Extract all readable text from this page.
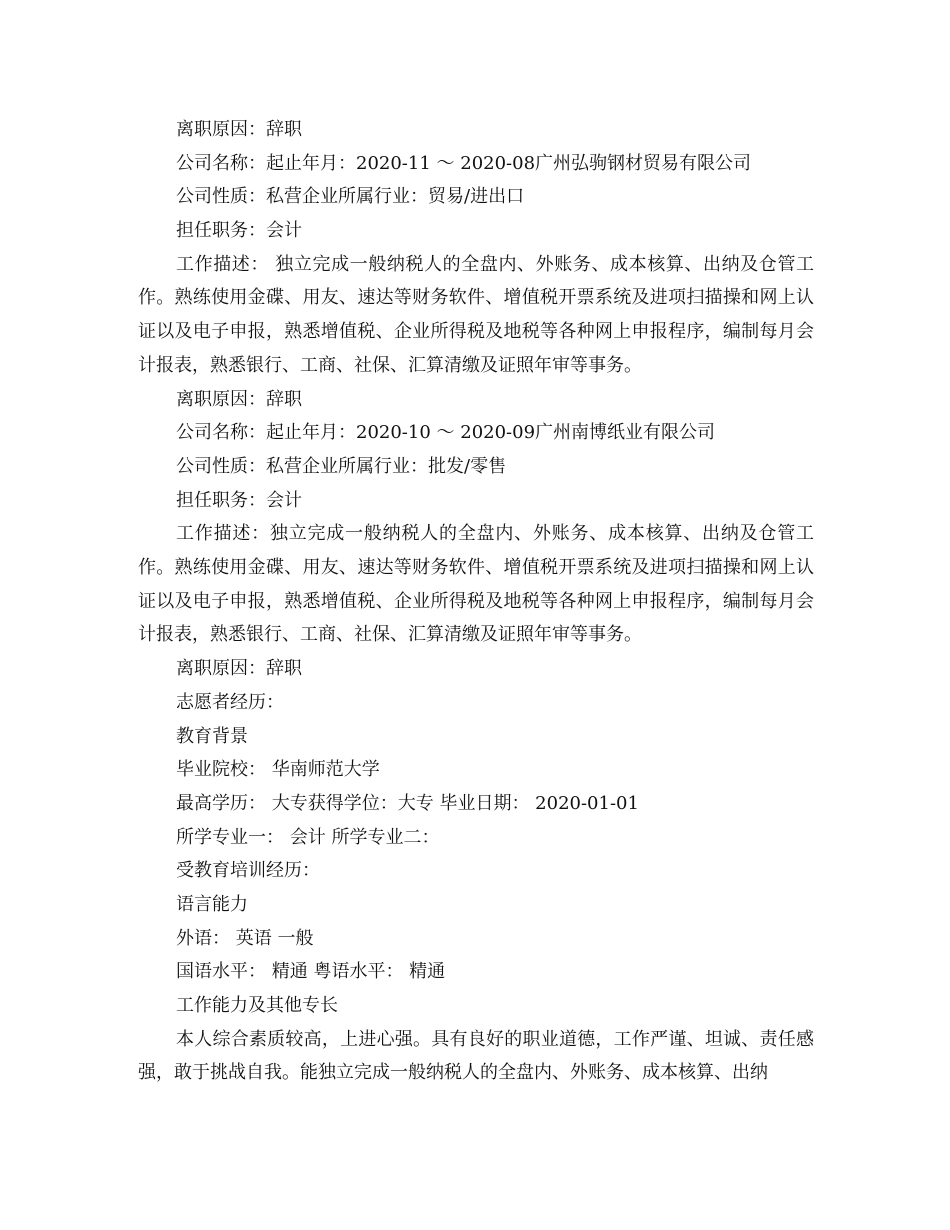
离职原因：辞职
公司名称：起止年月：2020-11 ～ 2020-08广州弘驹钢材贸易有限公司
公司性质：私营企业所属行业：贸易/进出口
担任职务：会计
工作描述： 独立完成一般纳税人的全盘内、外账务、成本核算、出纳及仓管工作。熟练使用金碟、用友、速达等财务软件、增值税开票系统及进项扫描操和网上认证以及电子申报，熟悉增值税、企业所得税及地税等各种网上申报程序，编制每月会计报表，熟悉银行、工商、社保、汇算清缴及证照年审等事务。
离职原因：辞职
公司名称：起止年月：2020-10 ～ 2020-09广州南博纸业有限公司
公司性质：私营企业所属行业：批发/零售
担任职务：会计
工作描述：独立完成一般纳税人的全盘内、外账务、成本核算、出纳及仓管工作。熟练使用金碟、用友、速达等财务软件、增值税开票系统及进项扫描操和网上认证以及电子申报，熟悉增值税、企业所得税及地税等各种网上申报程序，编制每月会计报表，熟悉银行、工商、社保、汇算清缴及证照年审等事务。
离职原因：辞职
志愿者经历：
教育背景
毕业院校： 华南师范大学
最高学历： 大专获得学位：大专 毕业日期： 2020-01-01
所学专业一： 会计 所学专业二：
受教育培训经历：
语言能力
外语： 英语 一般
国语水平： 精通 粤语水平： 精通
工作能力及其他专长
本人综合素质较高，上进心强。具有良好的职业道德，工作严谨、坦诚、责任感强，敢于挑战自我。能独立完成一般纳税人的全盘内、外账务、成本核算、出纳
